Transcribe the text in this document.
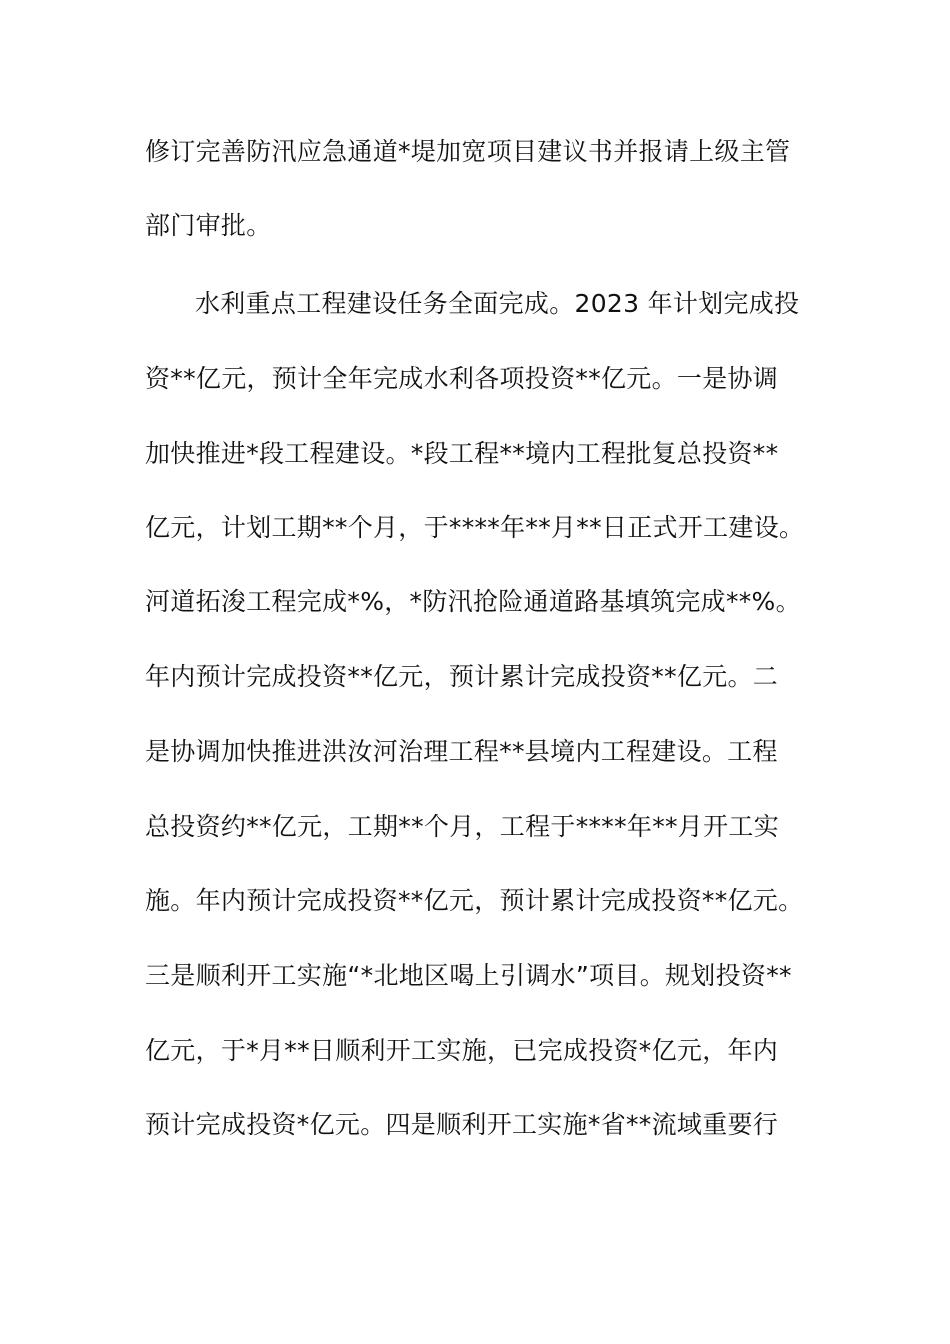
修订完善防汛应急通道*堤加宽项目建议书并报请上级主管
部门审批。
水利重点工程建设任务全面完成。2023 年计划完成投
资**亿元，预计全年完成水利各项投资**亿元。一是协调
加快推进*段工程建设。*段工程**境内工程批复总投资**
亿元，计划工期**个月，于****年**月**日正式开工建设。
河道拓浚工程完成*%，*防汛抢险通道路基填筑完成**%。
年内预计完成投资**亿元，预计累计完成投资**亿元。二
是协调加快推进洪汝河治理工程**县境内工程建设。工程
总投资约**亿元，工期**个月，工程于****年**月开工实
施。年内预计完成投资**亿元，预计累计完成投资**亿元。
三是顺利开工实施“*北地区喝上引调水”项目。规划投资**
亿元，于*月**日顺利开工实施，已完成投资*亿元，年内
预计完成投资*亿元。四是顺利开工实施*省**流域重要行
